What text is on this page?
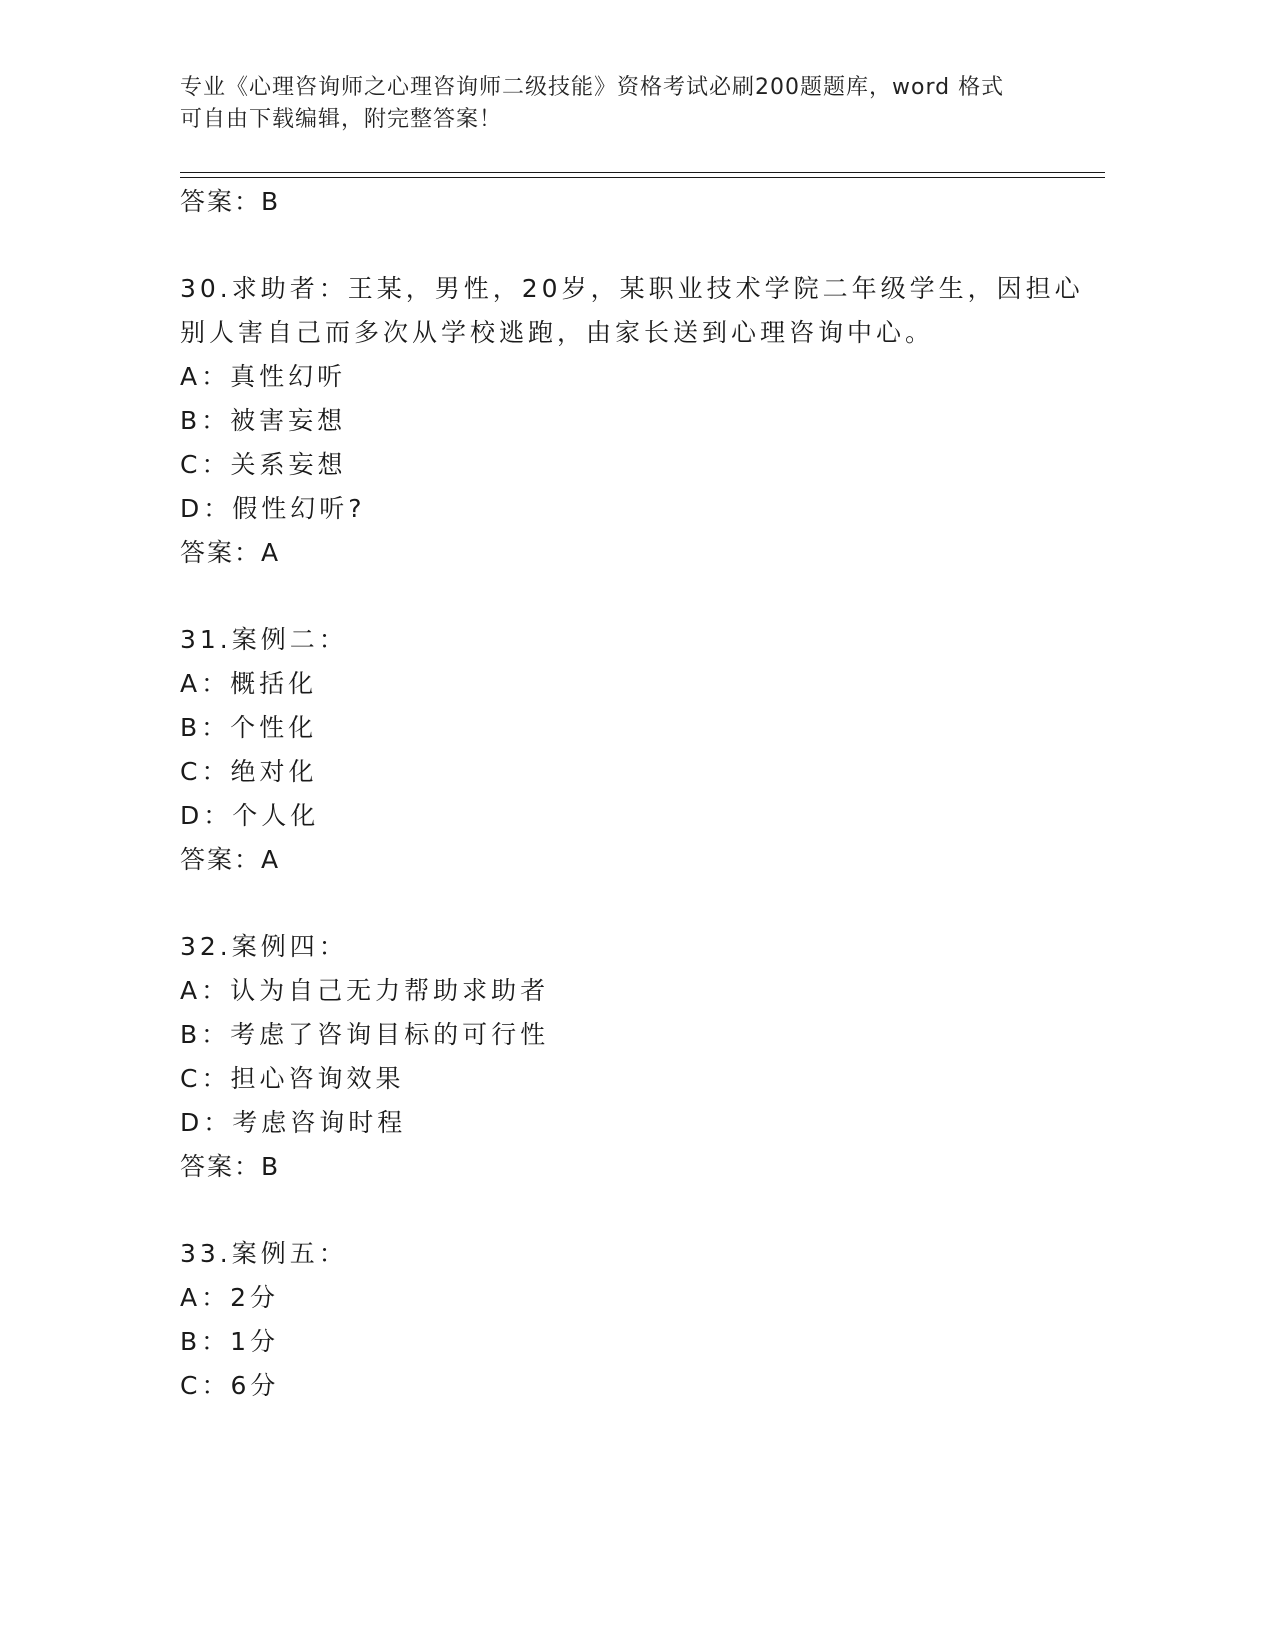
专业《心理咨询师之心理咨询师二级技能》资格考试必刷200题题库，word 格式
可自由下载编辑，附完整答案！
答案：B
30.求助者：王某，男性，20岁，某职业技术学院二年级学生，因担心
别人害自己而多次从学校逃跑，由家长送到心理咨询中心。
A：真性幻听
B：被害妄想
C：关系妄想
D：假性幻听?
答案：A
31.案例二：
A：概括化
B：个性化
C：绝对化
D：个人化
答案：A
32.案例四：
A：认为自己无力帮助求助者
B：考虑了咨询目标的可行性
C：担心咨询效果
D：考虑咨询时程
答案：B
33.案例五：
A：2分
B：1分
C：6分
